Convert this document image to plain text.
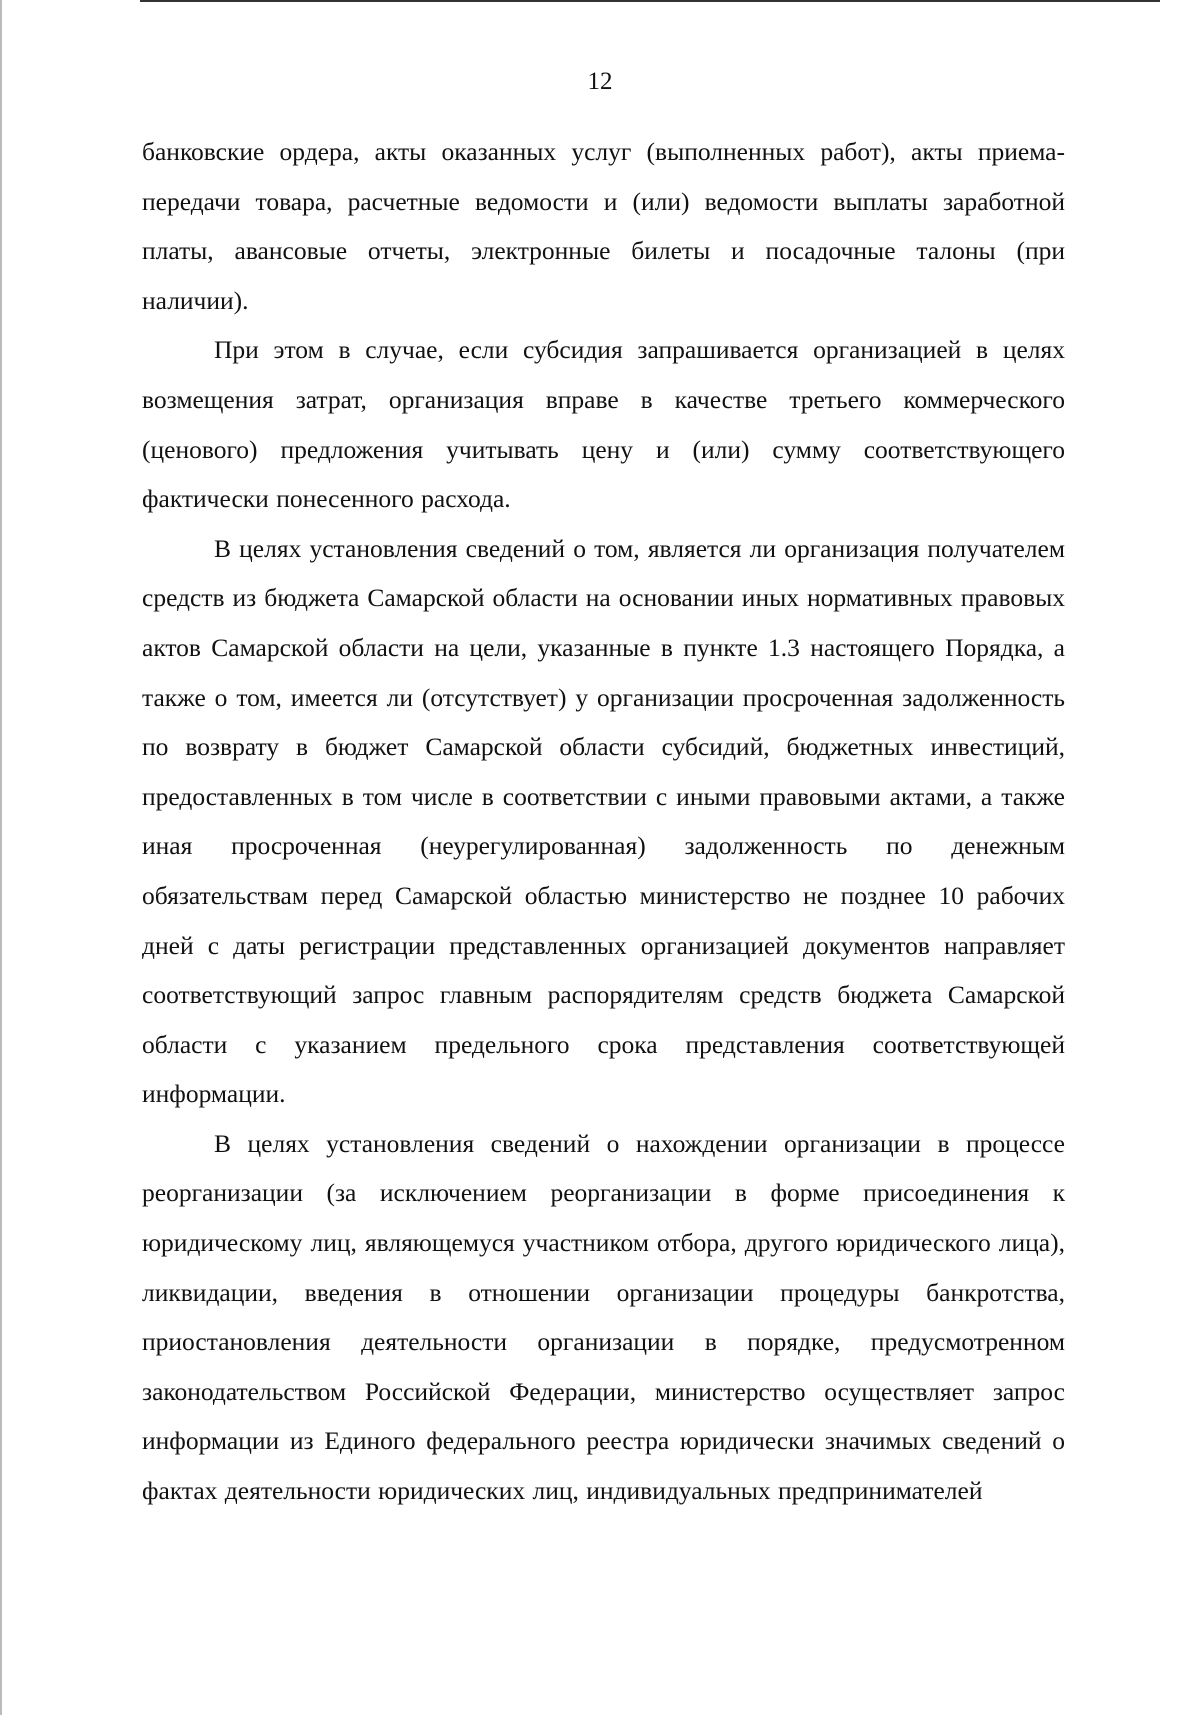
12

банковские ордера, акты оказанных услуг (выполненных работ), акты приема-передачи товара, расчетные ведомости и (или) ведомости выплаты заработной платы, авансовые отчеты, электронные билеты и посадочные талоны (при наличии).

При этом в случае, если субсидия запрашивается организацией в целях возмещения затрат, организация вправе в качестве третьего коммерческого (ценового) предложения учитывать цену и (или) сумму соответствующего фактически понесенного расхода.

В целях установления сведений о том, является ли организация получателем средств из бюджета Самарской области на основании иных нормативных правовых актов Самарской области на цели, указанные в пункте 1.3 настоящего Порядка, а также о том, имеется ли (отсутствует) у организации просроченная задолженность по возврату в бюджет Самарской области субсидий, бюджетных инвестиций, предоставленных в том числе в соответствии с иными правовыми актами, а также иная просроченная (неурегулированная) задолженность по денежным обязательствам перед Самарской областью министерство не позднее 10 рабочих дней с даты регистрации представленных организацией документов направляет соответствующий запрос главным распорядителям средств бюджета Самарской области с указанием предельного срока представления соответствующей информации.

В целях установления сведений о нахождении организации в процессе реорганизации (за исключением реорганизации в форме присоединения к юридическому лиц, являющемуся участником отбора, другого юридического лица), ликвидации, введения в отношении организации процедуры банкротства, приостановления деятельности организации в порядке, предусмотренном законодательством Российской Федерации, министерство осуществляет запрос информации из Единого федерального реестра юридически значимых сведений о фактах деятельности юридических лиц, индивидуальных предпринимателей
